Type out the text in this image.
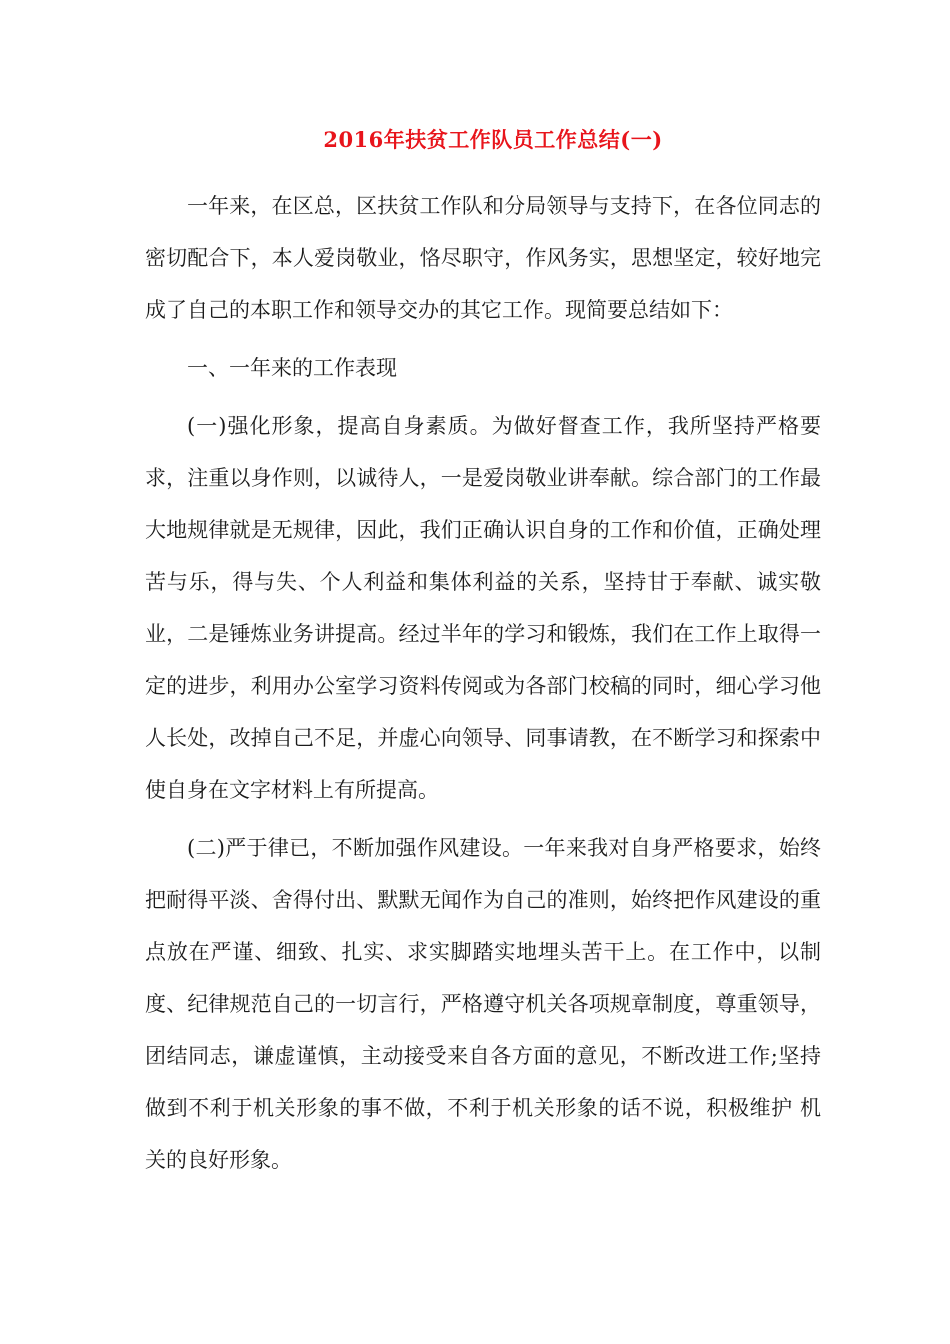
2016年扶贫工作队员工作总结(一)

一年来，在区总，区扶贫工作队和分局领导与支持下，在各位同志的密切配合下，本人爱岗敬业，恪尽职守，作风务实，思想坚定，较好地完成了自己的本职工作和领导交办的其它工作。现简要总结如下：

一、一年来的工作表现

(一)强化形象，提高自身素质。为做好督查工作，我所坚持严格要求，注重以身作则，以诚待人，一是爱岗敬业讲奉献。综合部门的工作最大地规律就是无规律，因此，我们正确认识自身的工作和价值，正确处理苦与乐，得与失、个人利益和集体利益的关系，坚持甘于奉献、诚实敬业，二是锤炼业务讲提高。经过半年的学习和锻炼，我们在工作上取得一定的进步，利用办公室学习资料传阅或为各部门校稿的同时，细心学习他人长处，改掉自己不足，并虚心向领导、同事请教，在不断学习和探索中使自身在文字材料上有所提高。

(二)严于律已，不断加强作风建设。一年来我对自身严格要求，始终把耐得平淡、舍得付出、默默无闻作为自己的准则，始终把作风建设的重点放在严谨、细致、扎实、求实脚踏实地埋头苦干上。在工作中，以制度、纪律规范自己的一切言行，严格遵守机关各项规章制度，尊重领导，团结同志，谦虚谨慎，主动接受来自各方面的意见，不断改进工作;坚持做到不利于机关形象的事不做，不利于机关形象的话不说，积极维护 机关的良好形象。
